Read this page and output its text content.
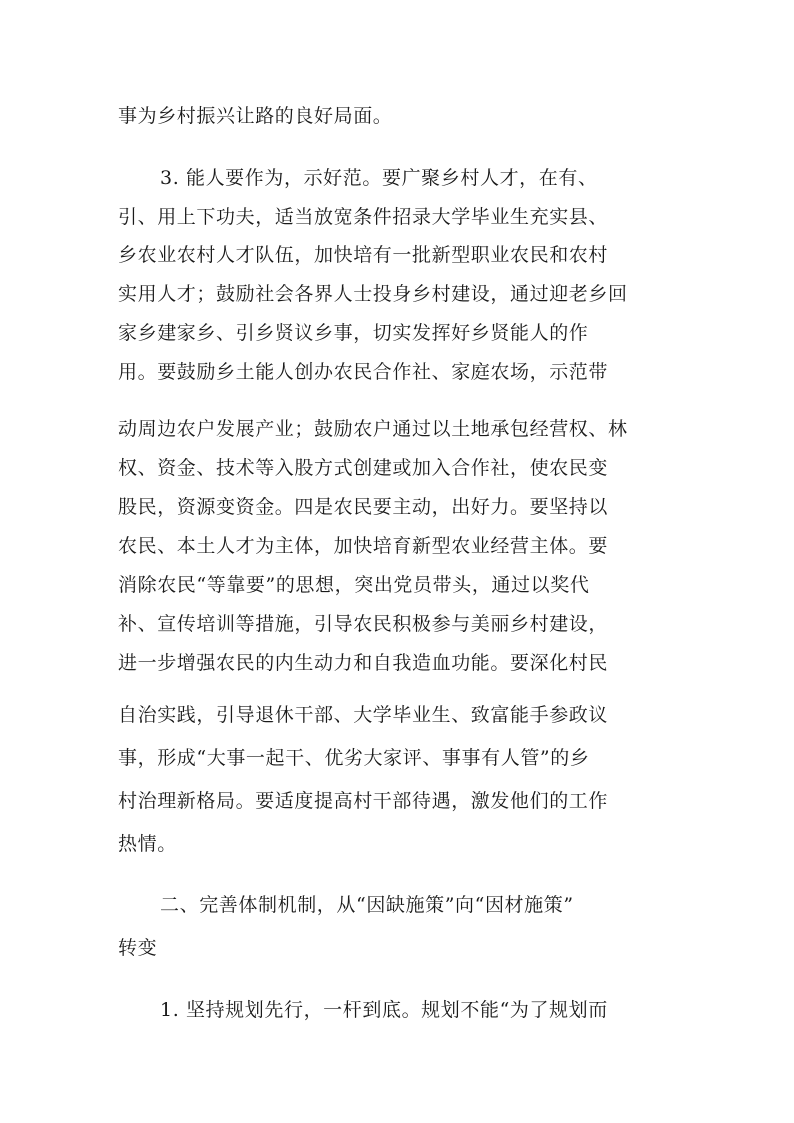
事为乡村振兴让路的良好局面。
3. 能人要作为，示好范。要广聚乡村人才，在有、
引、用上下功夫，适当放宽条件招录大学毕业生充实县、
乡农业农村人才队伍，加快培有一批新型职业农民和农村
实用人才；鼓励社会各界人士投身乡村建设，通过迎老乡回
家乡建家乡、引乡贤议乡事，切实发挥好乡贤能人的作
用。要鼓励乡土能人创办农民合作社、家庭农场，示范带
动周边农户发展产业；鼓励农户通过以土地承包经营权、林
权、资金、技术等入股方式创建或加入合作社，使农民变
股民，资源变资金。四是农民要主动，出好力。要坚持以
农民、本土人才为主体，加快培育新型农业经营主体。要
消除农民“等靠要”的思想，突出党员带头，通过以奖代
补、宣传培训等措施，引导农民积极参与美丽乡村建设，
进一步增强农民的内生动力和自我造血功能。要深化村民
自治实践，引导退休干部、大学毕业生、致富能手参政议
事，形成“大事一起干、优劣大家评、事事有人管”的乡
村治理新格局。要适度提高村干部待遇，激发他们的工作
热情。
二、完善体制机制，从“因缺施策”向“因材施策”
转变
1. 坚持规划先行，一杆到底。规划不能“为了规划而
